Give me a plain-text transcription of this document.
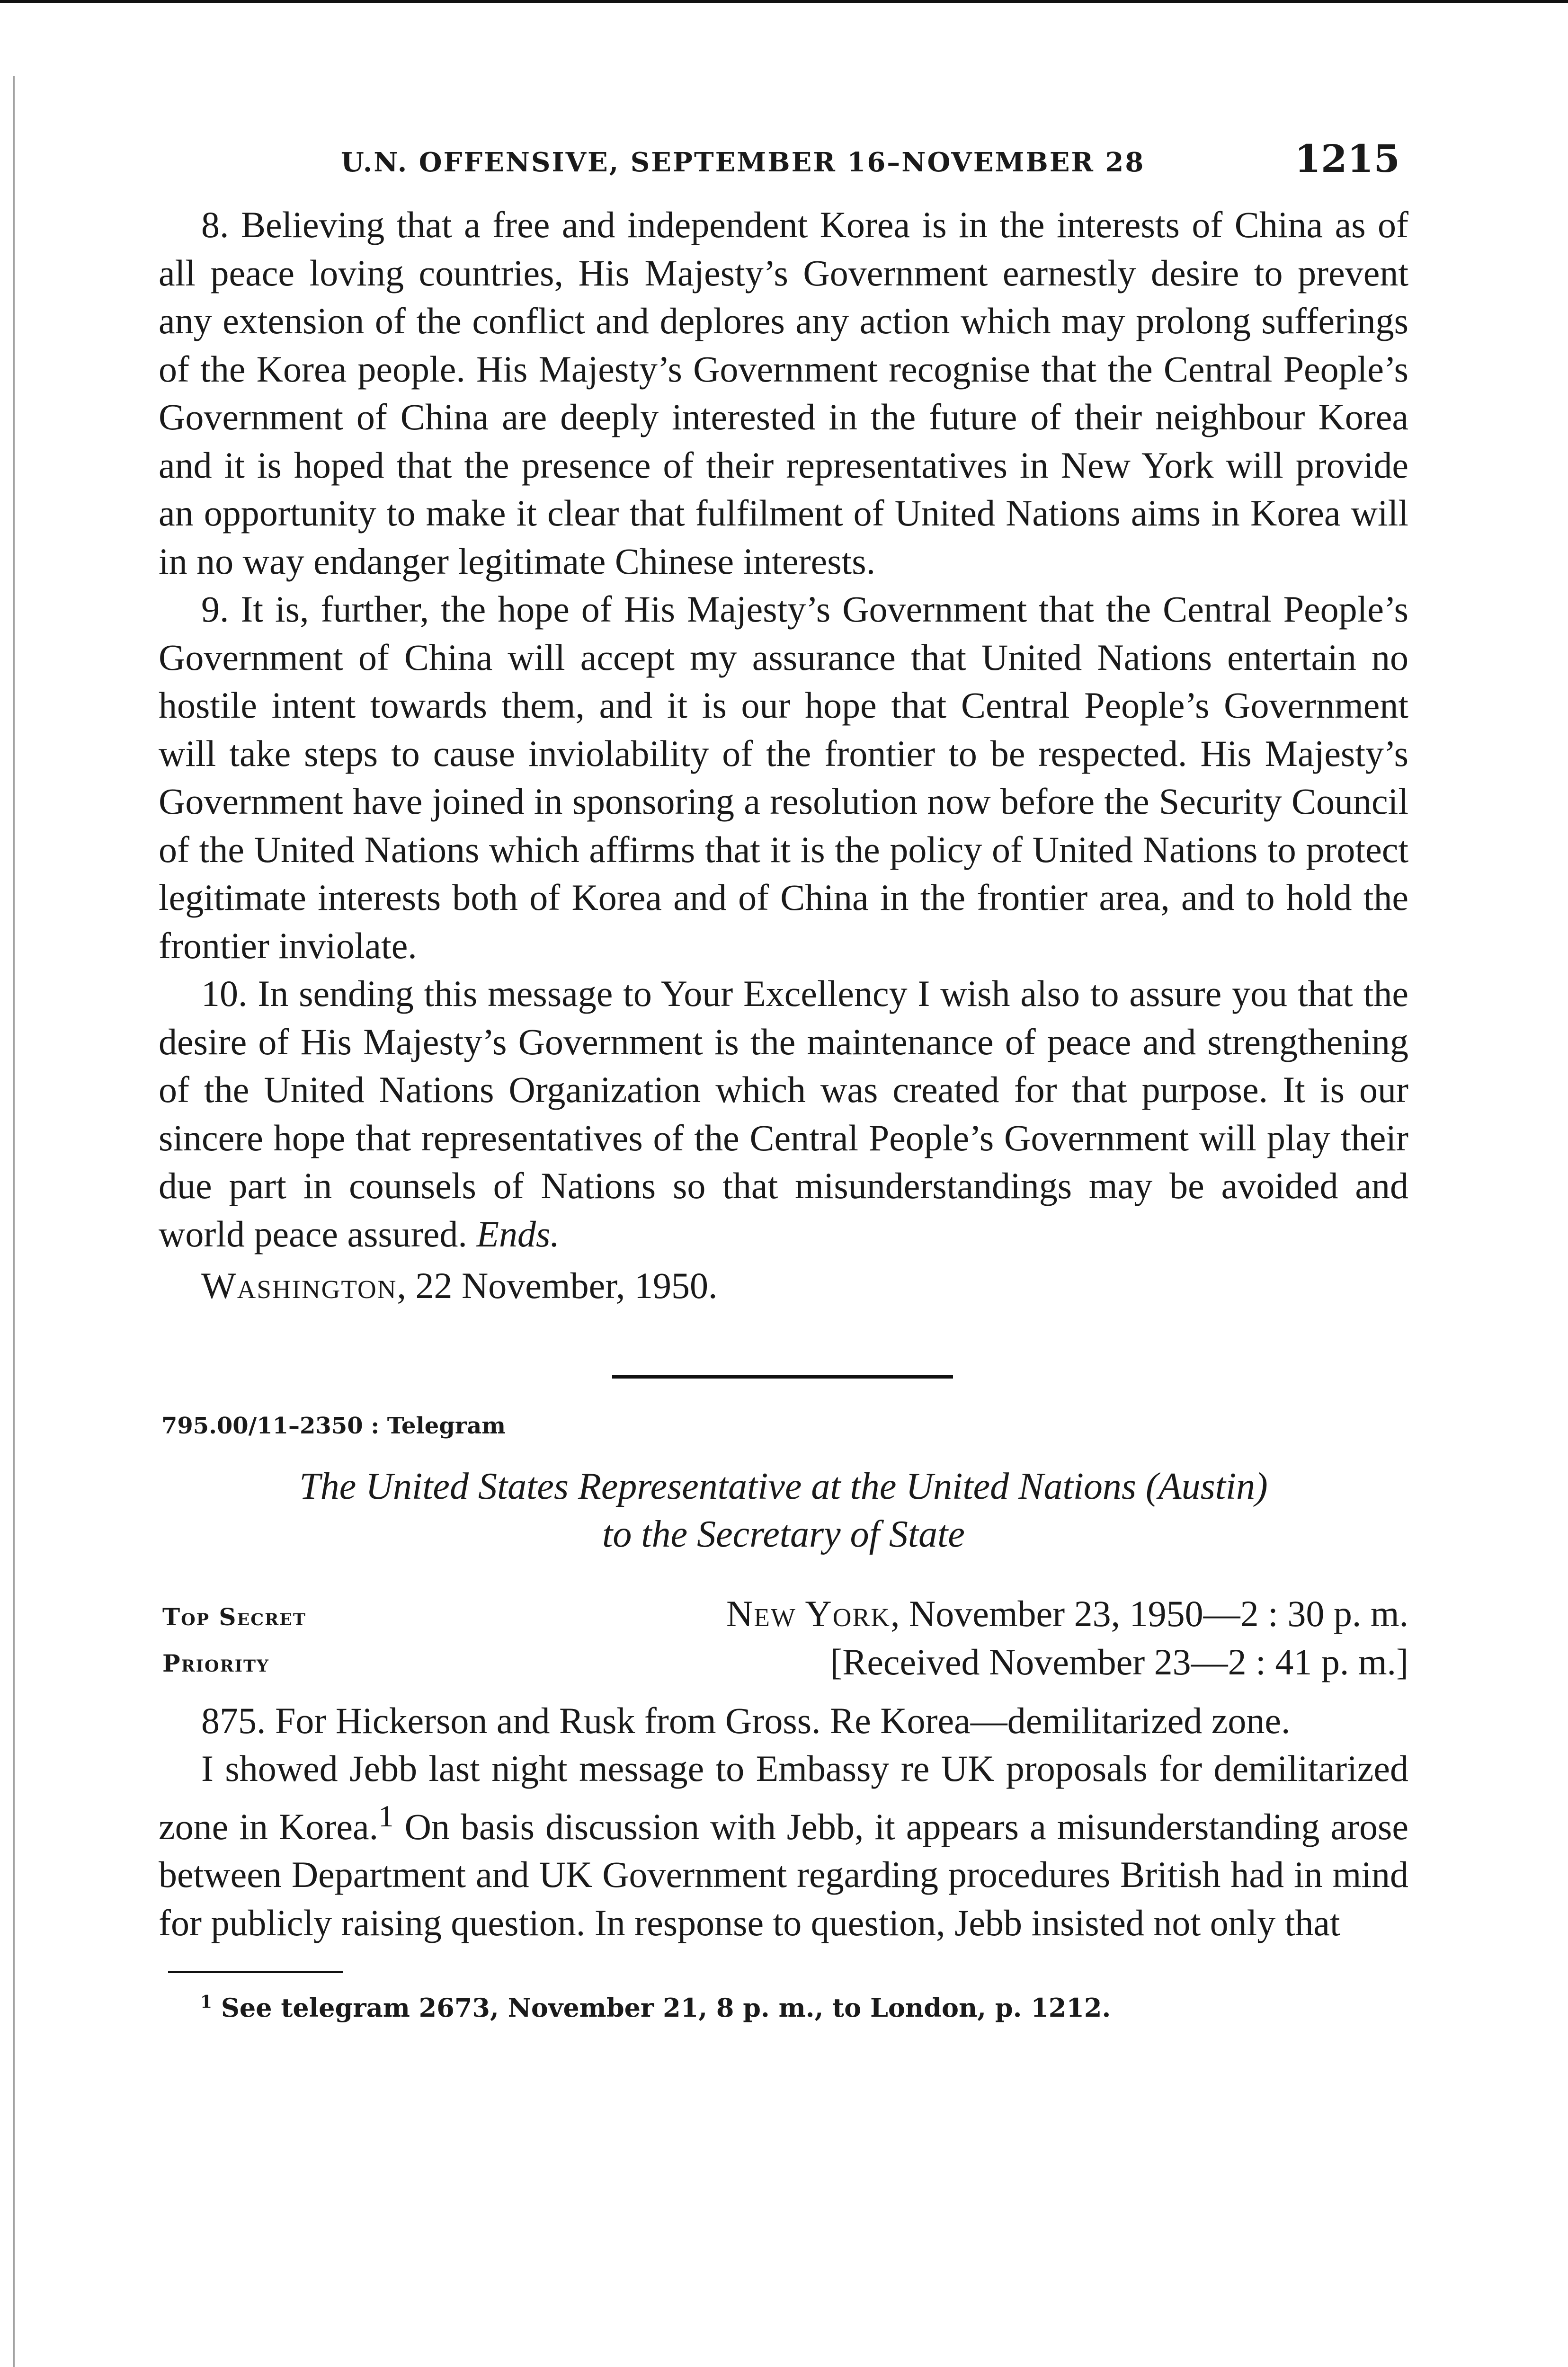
U.N. OFFENSIVE, SEPTEMBER 16–NOVEMBER 28	1215

8. Believing that a free and independent Korea is in the interests of China as of all peace loving countries, His Majesty’s Government earnestly desire to prevent any extension of the conflict and deplores any action which may prolong sufferings of the Korea people. His Majesty’s Government recognise that the Central People’s Government of China are deeply interested in the future of their neighbour Korea and it is hoped that the presence of their representatives in New York will provide an opportunity to make it clear that fulfilment of United Nations aims in Korea will in no way endanger legitimate Chinese interests.

9. It is, further, the hope of His Majesty’s Government that the Central People’s Government of China will accept my assurance that United Nations entertain no hostile intent towards them, and it is our hope that Central People’s Government will take steps to cause inviolability of the frontier to be respected. His Majesty’s Government have joined in sponsoring a resolution now before the Security Council of the United Nations which affirms that it is the policy of United Nations to protect legitimate interests both of Korea and of China in the frontier area, and to hold the frontier inviolate.

10. In sending this message to Your Excellency I wish also to assure you that the desire of His Majesty’s Government is the maintenance of peace and strengthening of the United Nations Organization which was created for that purpose. It is our sincere hope that representatives of the Central People’s Government will play their due part in counsels of Nations so that misunderstandings may be avoided and world peace assured. Ends.

Washington, 22 November, 1950.
795.00/11–2350 : Telegram
The United States Representative at the United Nations (Austin)
to the Secretary of State
Top Secret
Priority
New York, November 23, 1950—2 : 30 p. m.
[Received November 23—2 : 41 p. m.]

875. For Hickerson and Rusk from Gross. Re Korea—demilitarized zone.

I showed Jebb last night message to Embassy re UK proposals for demilitarized zone in Korea.$^1$ On basis discussion with Jebb, it appears a misunderstanding arose between Department and UK Government regarding procedures British had in mind for publicly raising question. In response to question, Jebb insisted not only that

$^1$ See telegram 2673, November 21, 8 p. m., to London, p. 1212.
